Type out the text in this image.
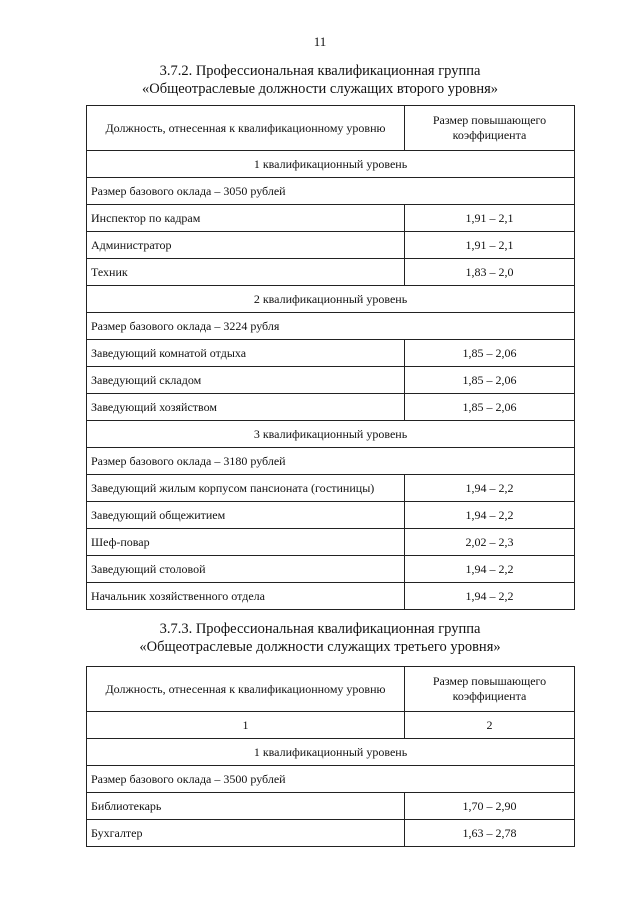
11
3.7.2. Профессиональная квалификационная группа
«Общеотраслевые должности служащих второго уровня»
Должность, отнесенная к квалификационному уровню	Размер повышающего коэффициента
1 квалификационный уровень	
Размер базового оклада – 3050 рублей	
Инспектор по кадрам	1,91 – 2,1
Администратор	1,91 – 2,1
Техник	1,83 – 2,0
2 квалификационный уровень	
Размер базового оклада – 3224 рубля	
Заведующий комнатой отдыха	1,85 – 2,06
Заведующий складом	1,85 – 2,06
Заведующий хозяйством	1,85 – 2,06
3 квалификационный уровень	
Размер базового оклада – 3180 рублей	
Заведующий жилым корпусом пансионата (гостиницы)	1,94 – 2,2
Заведующий общежитием	1,94 – 2,2
Шеф-повар	2,02 – 2,3
Заведующий столовой	1,94 – 2,2
Начальник хозяйственного отдела	1,94 – 2,2
3.7.3. Профессиональная квалификационная группа
«Общеотраслевые должности служащих третьего уровня»
Должность, отнесенная к квалификационному уровню	Размер повышающего коэффициента
1	2
1 квалификационный уровень	
Размер базового оклада – 3500 рублей	
Библиотекарь	1,70 – 2,90
Бухгалтер	1,63 – 2,78
